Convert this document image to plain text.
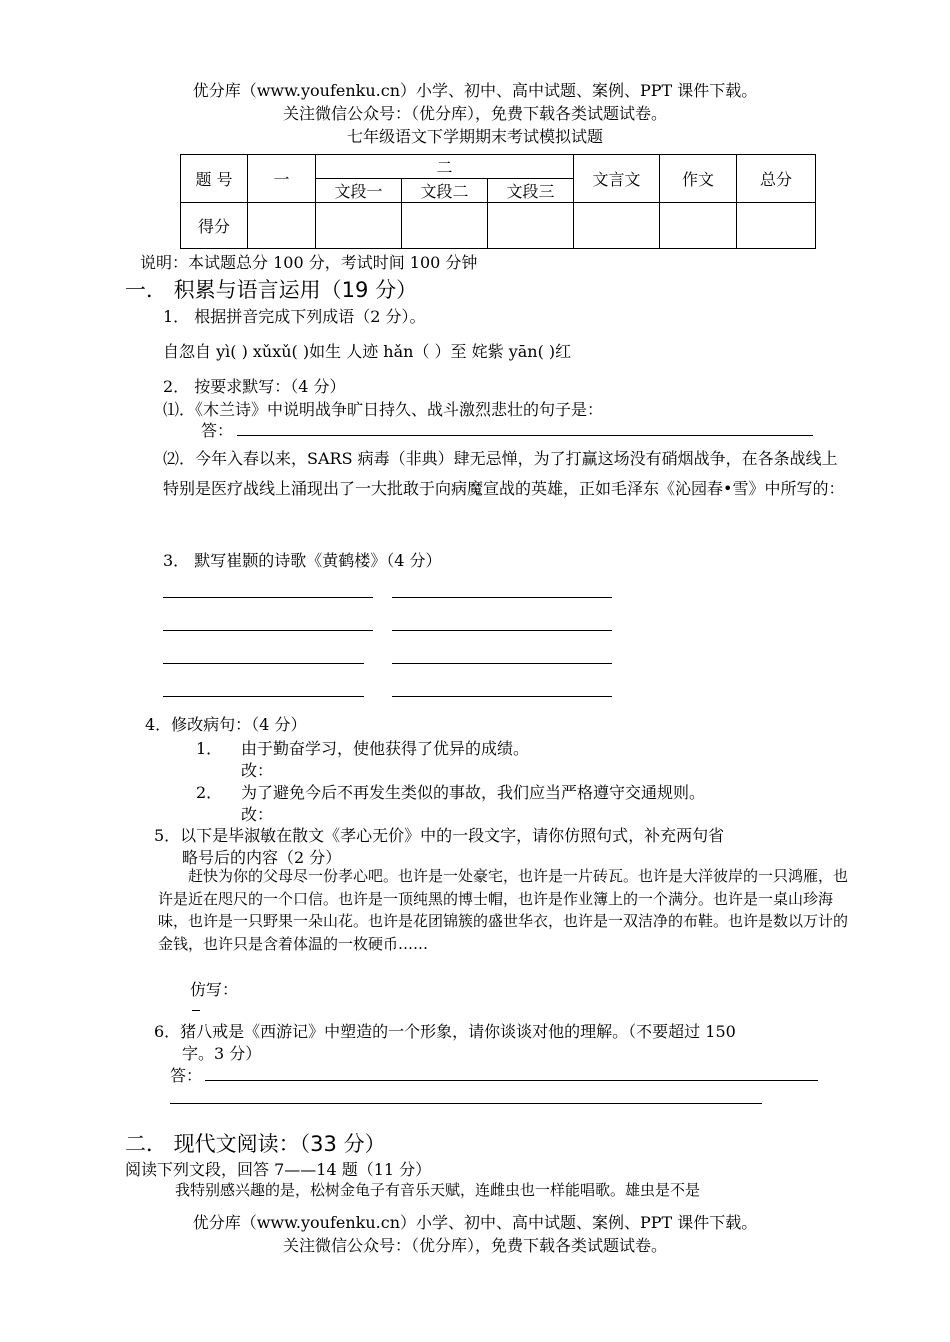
优分库（www.youfenku.cn）小学、初中、高中试题、案例、PPT 课件下载。
关注微信公众号：（优分库），免费下载各类试题试卷。
七年级语文下学期期末考试模拟试题
题 号	一	二			文言文	作文	总分
		文段一	文段二	文段三			
得分							
说明：本试题总分 100 分，考试时间 100 分钟
一． 积累与语言运用（19 分）
1． 根据拼音完成下列成语（2 分）。
自忽自 yì( ) xǔxǔ( )如生 人迹 hǎn（ ）至 姹紫 yān( )红
2． 按要求默写：（4 分）
⑴．《木兰诗》中说明战争旷日持久、战斗激烈悲壮的句子是：
答：
⑵．今年入春以来，SARS 病毒（非典）肆无忌惮，为了打赢这场没有硝烟战争，在各条战线上特别是医疗战线上涌现出了一大批敢于向病魔宣战的英雄，正如毛泽东《沁园春•雪》中所写的：
3． 默写崔颢的诗歌《黄鹤楼》（4 分）
4．修改病句：（4 分）
1． 由于勤奋学习，使他获得了优异的成绩。
改：
2． 为了避免今后不再发生类似的事故，我们应当严格遵守交通规则。
改：
5．以下是毕淑敏在散文《孝心无价》中的一段文字，请你仿照句式，补充两句省
略号后的内容（2 分）
赶快为你的父母尽一份孝心吧。也许是一处豪宅，也许是一片砖瓦。也许是大洋彼岸的一只鸿雁，也许是近在咫尺的一个口信。也许是一顶纯黑的博士帽，也许是作业簿上的一个满分。也许是一桌山珍海味，也许是一只野果一朵山花。也许是花团锦簇的盛世华衣，也许是一双洁净的布鞋。也许是数以万计的金钱，也许只是含着体温的一枚硬币……
仿写：
6．猪八戒是《西游记》中塑造的一个形象，请你谈谈对他的理解。（不要超过 150
字。3 分）
答：
二． 现代文阅读：（33 分）
阅读下列文段，回答 7——14 题（11 分）
我特别感兴趣的是，松树金龟子有音乐天赋，连雌虫也一样能唱歌。雄虫是不是
优分库（www.youfenku.cn）小学、初中、高中试题、案例、PPT 课件下载。
关注微信公众号：（优分库），免费下载各类试题试卷。
